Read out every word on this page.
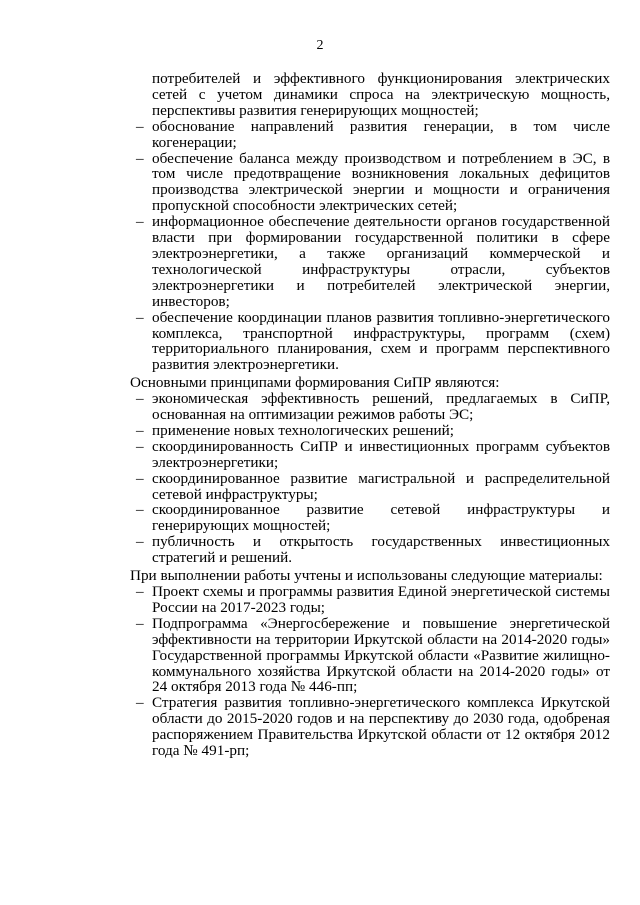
2
потребителей и эффективного функционирования электрических сетей с учетом динамики спроса на электрическую мощность, перспективы развития генерирующих мощностей;
– обоснование направлений развития генерации, в том числе когенерации;
– обеспечение баланса между производством и потреблением в ЭС, в том числе предотвращение возникновения локальных дефицитов производства электрической энергии и мощности и ограничения пропускной способности электрических сетей;
– информационное обеспечение деятельности органов государственной власти при формировании государственной политики в сфере электроэнергетики, а также организаций коммерческой и технологической инфраструктуры отрасли, субъектов электроэнергетики и потребителей электрической энергии, инвесторов;
– обеспечение координации планов развития топливно-энергетического комплекса, транспортной инфраструктуры, программ (схем) территориального планирования, схем и программ перспективного развития электроэнергетики.

Основными принципами формирования СиПР являются:

– экономическая эффективность решений, предлагаемых в СиПР, основанная на оптимизации режимов работы ЭС;
– применение новых технологических решений;
– скоординированность СиПР и инвестиционных программ субъектов электроэнергетики;
– скоординированное развитие магистральной и распределительной сетевой инфраструктуры;
– скоординированное развитие сетевой инфраструктуры и генерирующих мощностей;
– публичность и открытость государственных инвестиционных стратегий и решений.

При выполнении работы учтены и использованы следующие материалы:

– Проект схемы и программы развития Единой энергетической системы России на 2017-2023 годы;
– Подпрограмма «Энергосбережение и повышение энергетической эффективности на территории Иркутской области на 2014-2020 годы» Государственной программы Иркутской области «Развитие жилищно-коммунального хозяйства Иркутской области на 2014-2020 годы» от 24 октября 2013 года № 446-пп;
– Стратегия развития топливно-энергетического комплекса Иркутской области до 2015-2020 годов и на перспективу до 2030 года, одобреная распоряжением Правительства Иркутской области от 12 октября 2012 года № 491-рп;
